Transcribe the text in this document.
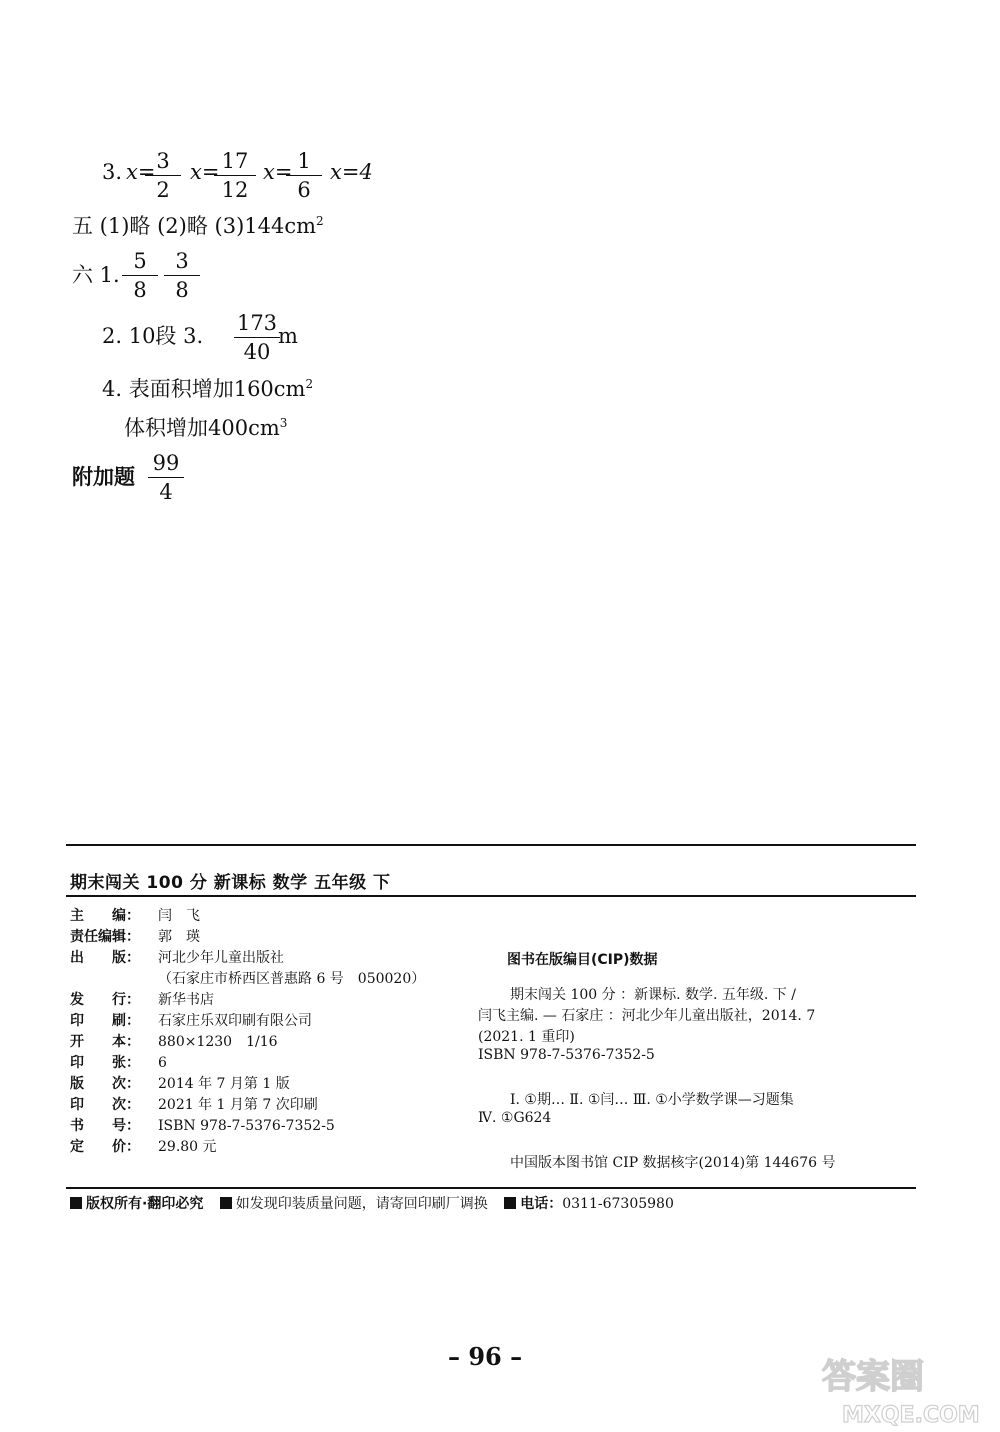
3. x= 3
2
x= 17
12
x= 1
6
x=4
五 (1)略 (2)略 $(3)144cm^2$
六 1.
5
8
3
8
2. 10段 3.
173
40
m
4. 表面积增加$160cm^2$
体积增加$400cm^3$
附加题
99
4
期末闯关 100 分 新课标 数学 五年级 下
主　　编： 闫　飞
责任编辑： 郭　瑛
出　　版： 河北少年儿童出版社
（石家庄市桥西区普惠路 6 号　050020）
发　　行： 新华书店
印　　刷： 石家庄乐双印刷有限公司
开　　本： 880×1230　1/16
印　　张： 6
版　　次： 2014 年 7 月第 1 版
印　　次： 2021 年 1 月第 7 次印刷
书　　号： ISBN 978-7-5376-7352-5
定　　价： 29.80 元
图书在版编目(CIP)数据
期末闯关 100 分 ：新课标. 数学. 五年级. 下 /
闫飞主编. — 石家庄 ：河北少年儿童出版社，2014. 7
(2021. 1 重印)
ISBN 978-7-5376-7352-5
Ⅰ. ①期… Ⅱ. ①闫… Ⅲ. ①小学数学课—习题集
Ⅳ. ①G624
中国版本图书馆 CIP 数据核字(2014)第 144676 号
版权所有·翻印必究 如发现印装质量问题，请寄回印刷厂调换 电话：0311-67305980
– 96 –
答案圈
MXQE.COM
